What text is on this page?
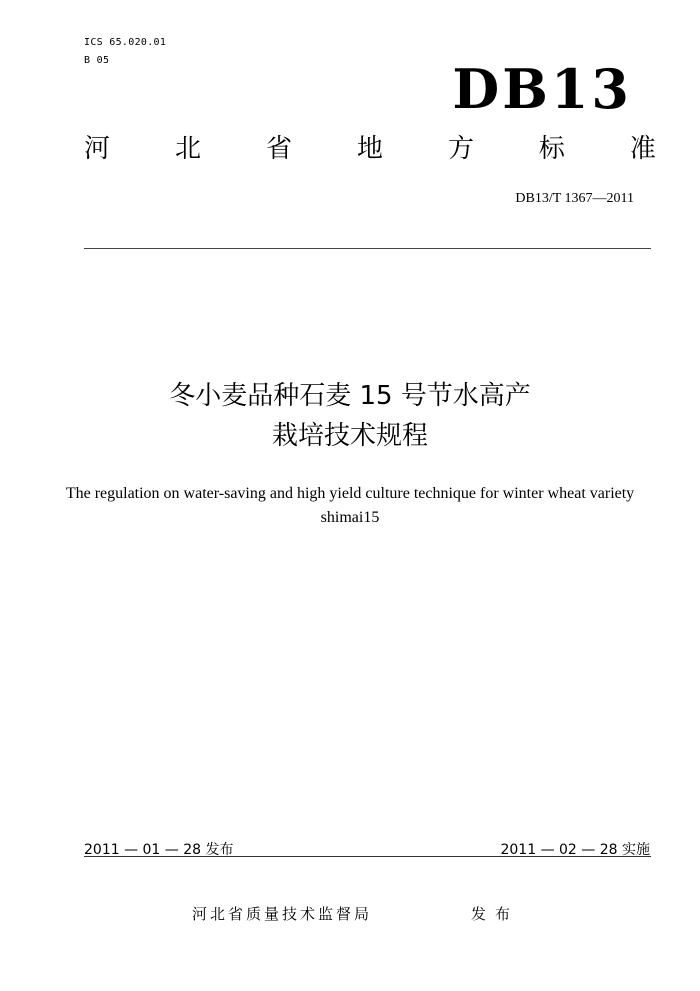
ICS 65.020.01
B 05	DB13
河 北 省 地 方 标 准
DB13/T 1367—2011
冬小麦品种石麦 15 号节水高产
栽培技术规程
The regulation on water-saving and high yield culture technique for winter wheat variety shimai15
2011 — 01 — 28 发布	2011 — 02 — 28 实施
河北省质量技术监督局	发布
